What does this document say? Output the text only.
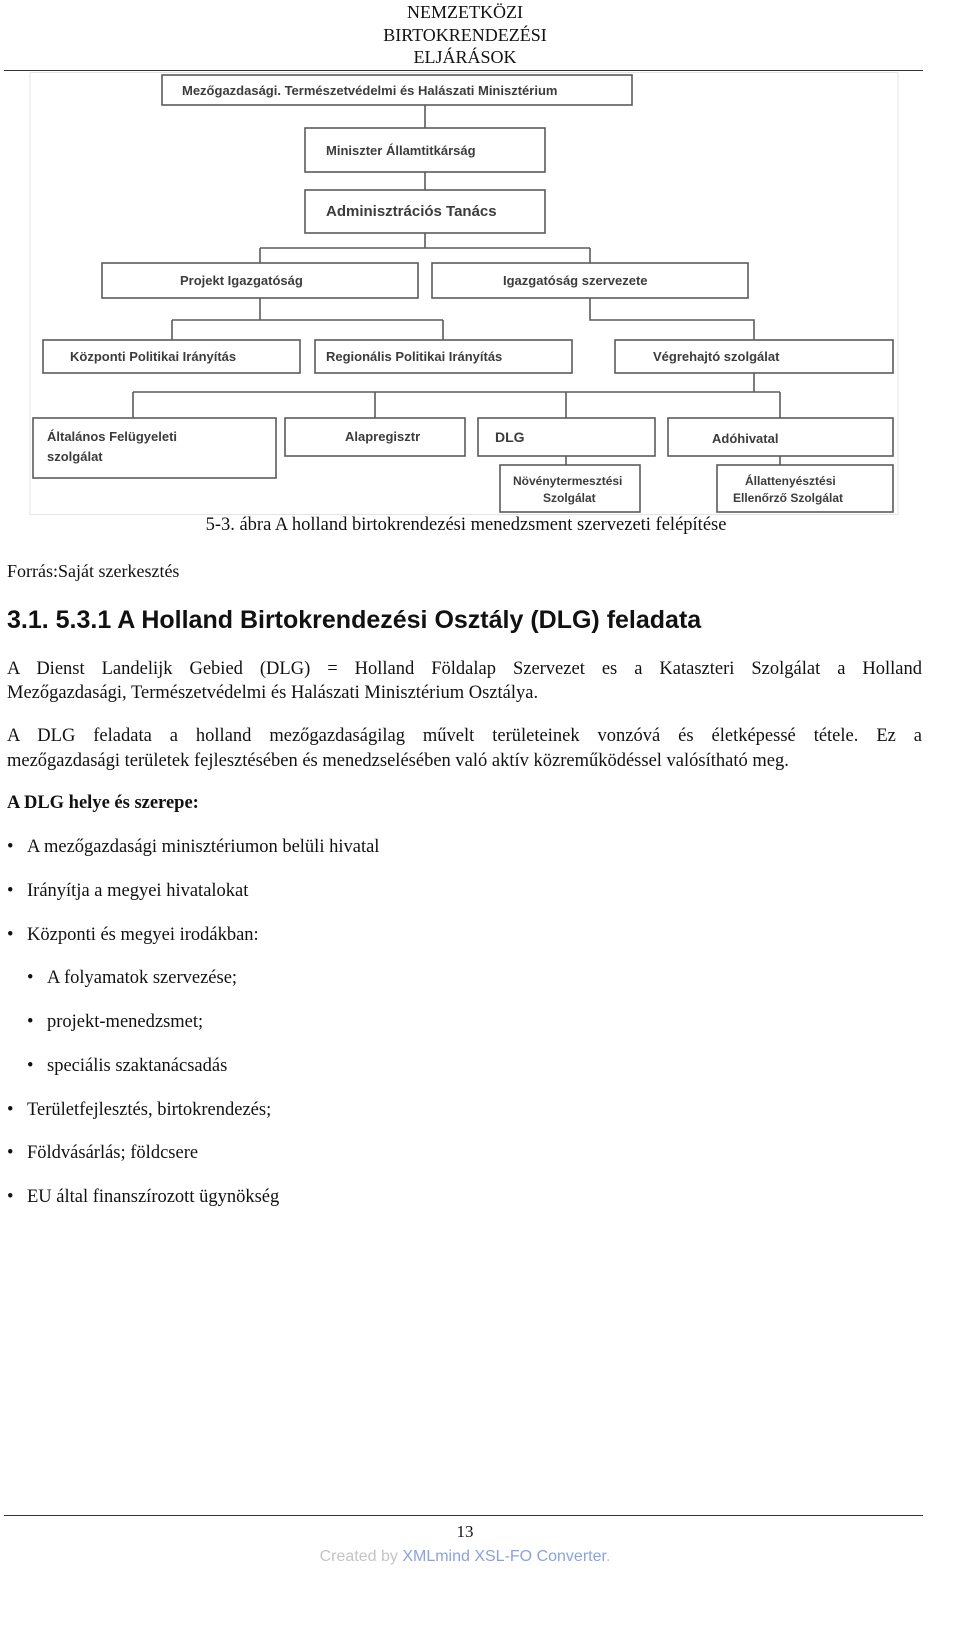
NEMZETKÖZI
BIRTOKRENDEZÉSI
ELJÁRÁSOK
Mezőgazdasági. Természetvédelmi és Halászati Minisztérium
Miniszter Államtitkárság
Adminisztrációs Tanács
Projekt Igazgatóság	Igazgatóság szervezete
Központi Politikai Irányítás	Regionális Politikai Irányítás	Végrehajtó szolgálat
Általános Felügyeleti
szolgálat
Alapregisztr	DLG	Adóhivatal
Növénytermesztési
Szolgálat
Állattenyésztési
Ellenőrző Szolgálat
5-3. ábra A holland birtokrendezési menedzsment szervezeti felépítése
Forrás:Saját szerkesztés
3.1. 5.3.1 A Holland Birtokrendezési Osztály (DLG) feladata
A Dienst Landelijk Gebied (DLG) = Holland Földalap Szervezet es a Kataszteri Szolgálat a Holland
Mezőgazdasági, Természetvédelmi és Halászati Minisztérium Osztálya.
A DLG feladata a holland mezőgazdaságilag művelt területeinek vonzóvá és életképessé tétele. Ez a
mezőgazdasági területek fejlesztésében és menedzselésében való aktív közreműködéssel valósítható meg.
A DLG helye és szerepe:
• A mezőgazdasági minisztériumon belüli hivatal
• Irányítja a megyei hivatalokat
• Központi és megyei irodákban:
• A folyamatok szervezése;
• projekt-menedzsmet;
• speciális szaktanácsadás
• Területfejlesztés, birtokrendezés;
• Földvásárlás; földcsere
• EU által finanszírozott ügynökség
13
Created by XMLmind XSL-FO Converter.
